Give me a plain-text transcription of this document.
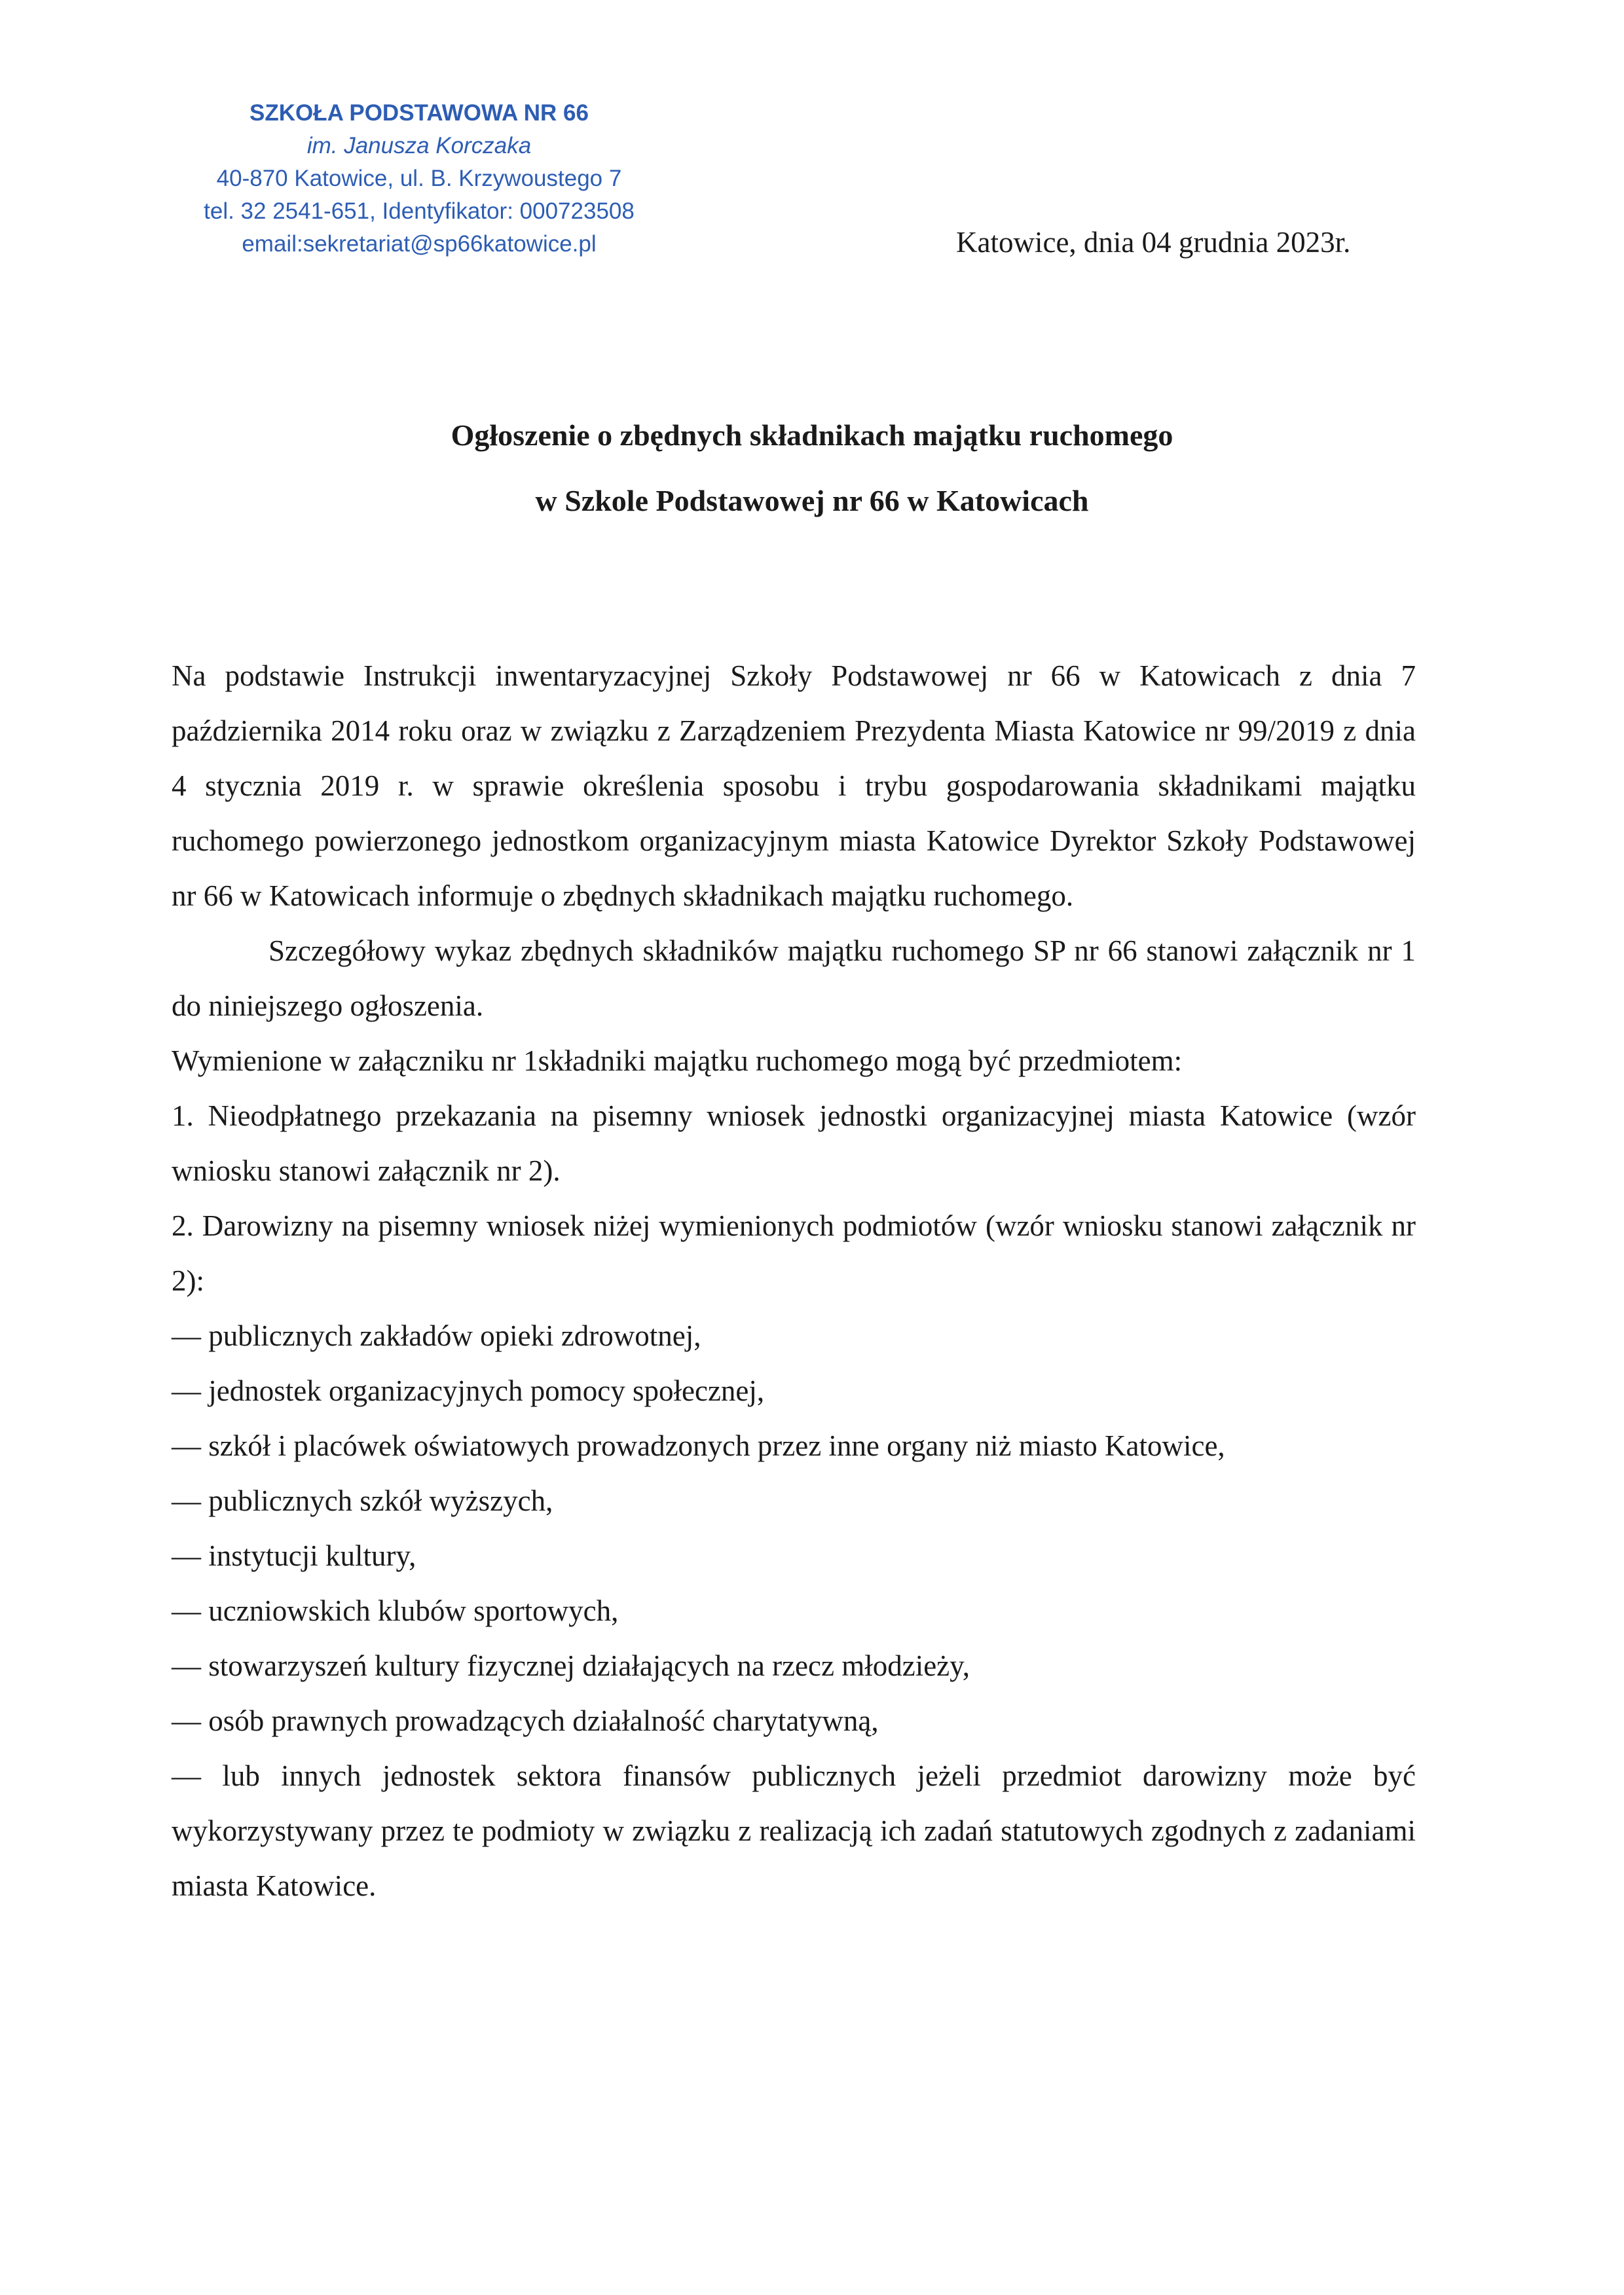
SZKOŁA PODSTAWOWA NR 66
im. Janusza Korczaka
40-870 Katowice, ul. B. Krzywoustego 7
tel. 32 2541-651, Identyfikator: 000723508
email:sekretariat@sp66katowice.pl	Katowice, dnia 04 grudnia 2023r.
Ogłoszenie o zbędnych składnikach majątku ruchomego
w Szkole Podstawowej nr 66 w Katowicach

Na podstawie Instrukcji inwentaryzacyjnej Szkoły Podstawowej nr 66 w Katowicach z dnia 7 października 2014 roku oraz w związku z Zarządzeniem Prezydenta Miasta Katowice nr 99/2019 z dnia 4 stycznia 2019 r. w sprawie określenia sposobu i trybu gospodarowania składnikami majątku ruchomego powierzonego jednostkom organizacyjnym miasta Katowice Dyrektor Szkoły Podstawowej nr 66 w Katowicach informuje o zbędnych składnikach majątku ruchomego.

Szczegółowy wykaz zbędnych składników majątku ruchomego SP nr 66 stanowi załącznik nr 1 do niniejszego ogłoszenia.

Wymienione w załączniku nr 1składniki majątku ruchomego mogą być przedmiotem:

1. Nieodpłatnego przekazania na pisemny wniosek jednostki organizacyjnej miasta Katowice (wzór wniosku stanowi załącznik nr 2).

2. Darowizny na pisemny wniosek niżej wymienionych podmiotów (wzór wniosku stanowi załącznik nr 2):

— publicznych zakładów opieki zdrowotnej,
— jednostek organizacyjnych pomocy społecznej,
— szkół i placówek oświatowych prowadzonych przez inne organy niż miasto Katowice,
— publicznych szkół wyższych,
— instytucji kultury,
— uczniowskich klubów sportowych,
— stowarzyszeń kultury fizycznej działających na rzecz młodzieży,
— osób prawnych prowadzących działalność charytatywną,
— lub innych jednostek sektora finansów publicznych jeżeli przedmiot darowizny może być wykorzystywany przez te podmioty w związku z realizacją ich zadań statutowych zgodnych z zadaniami miasta Katowice.
